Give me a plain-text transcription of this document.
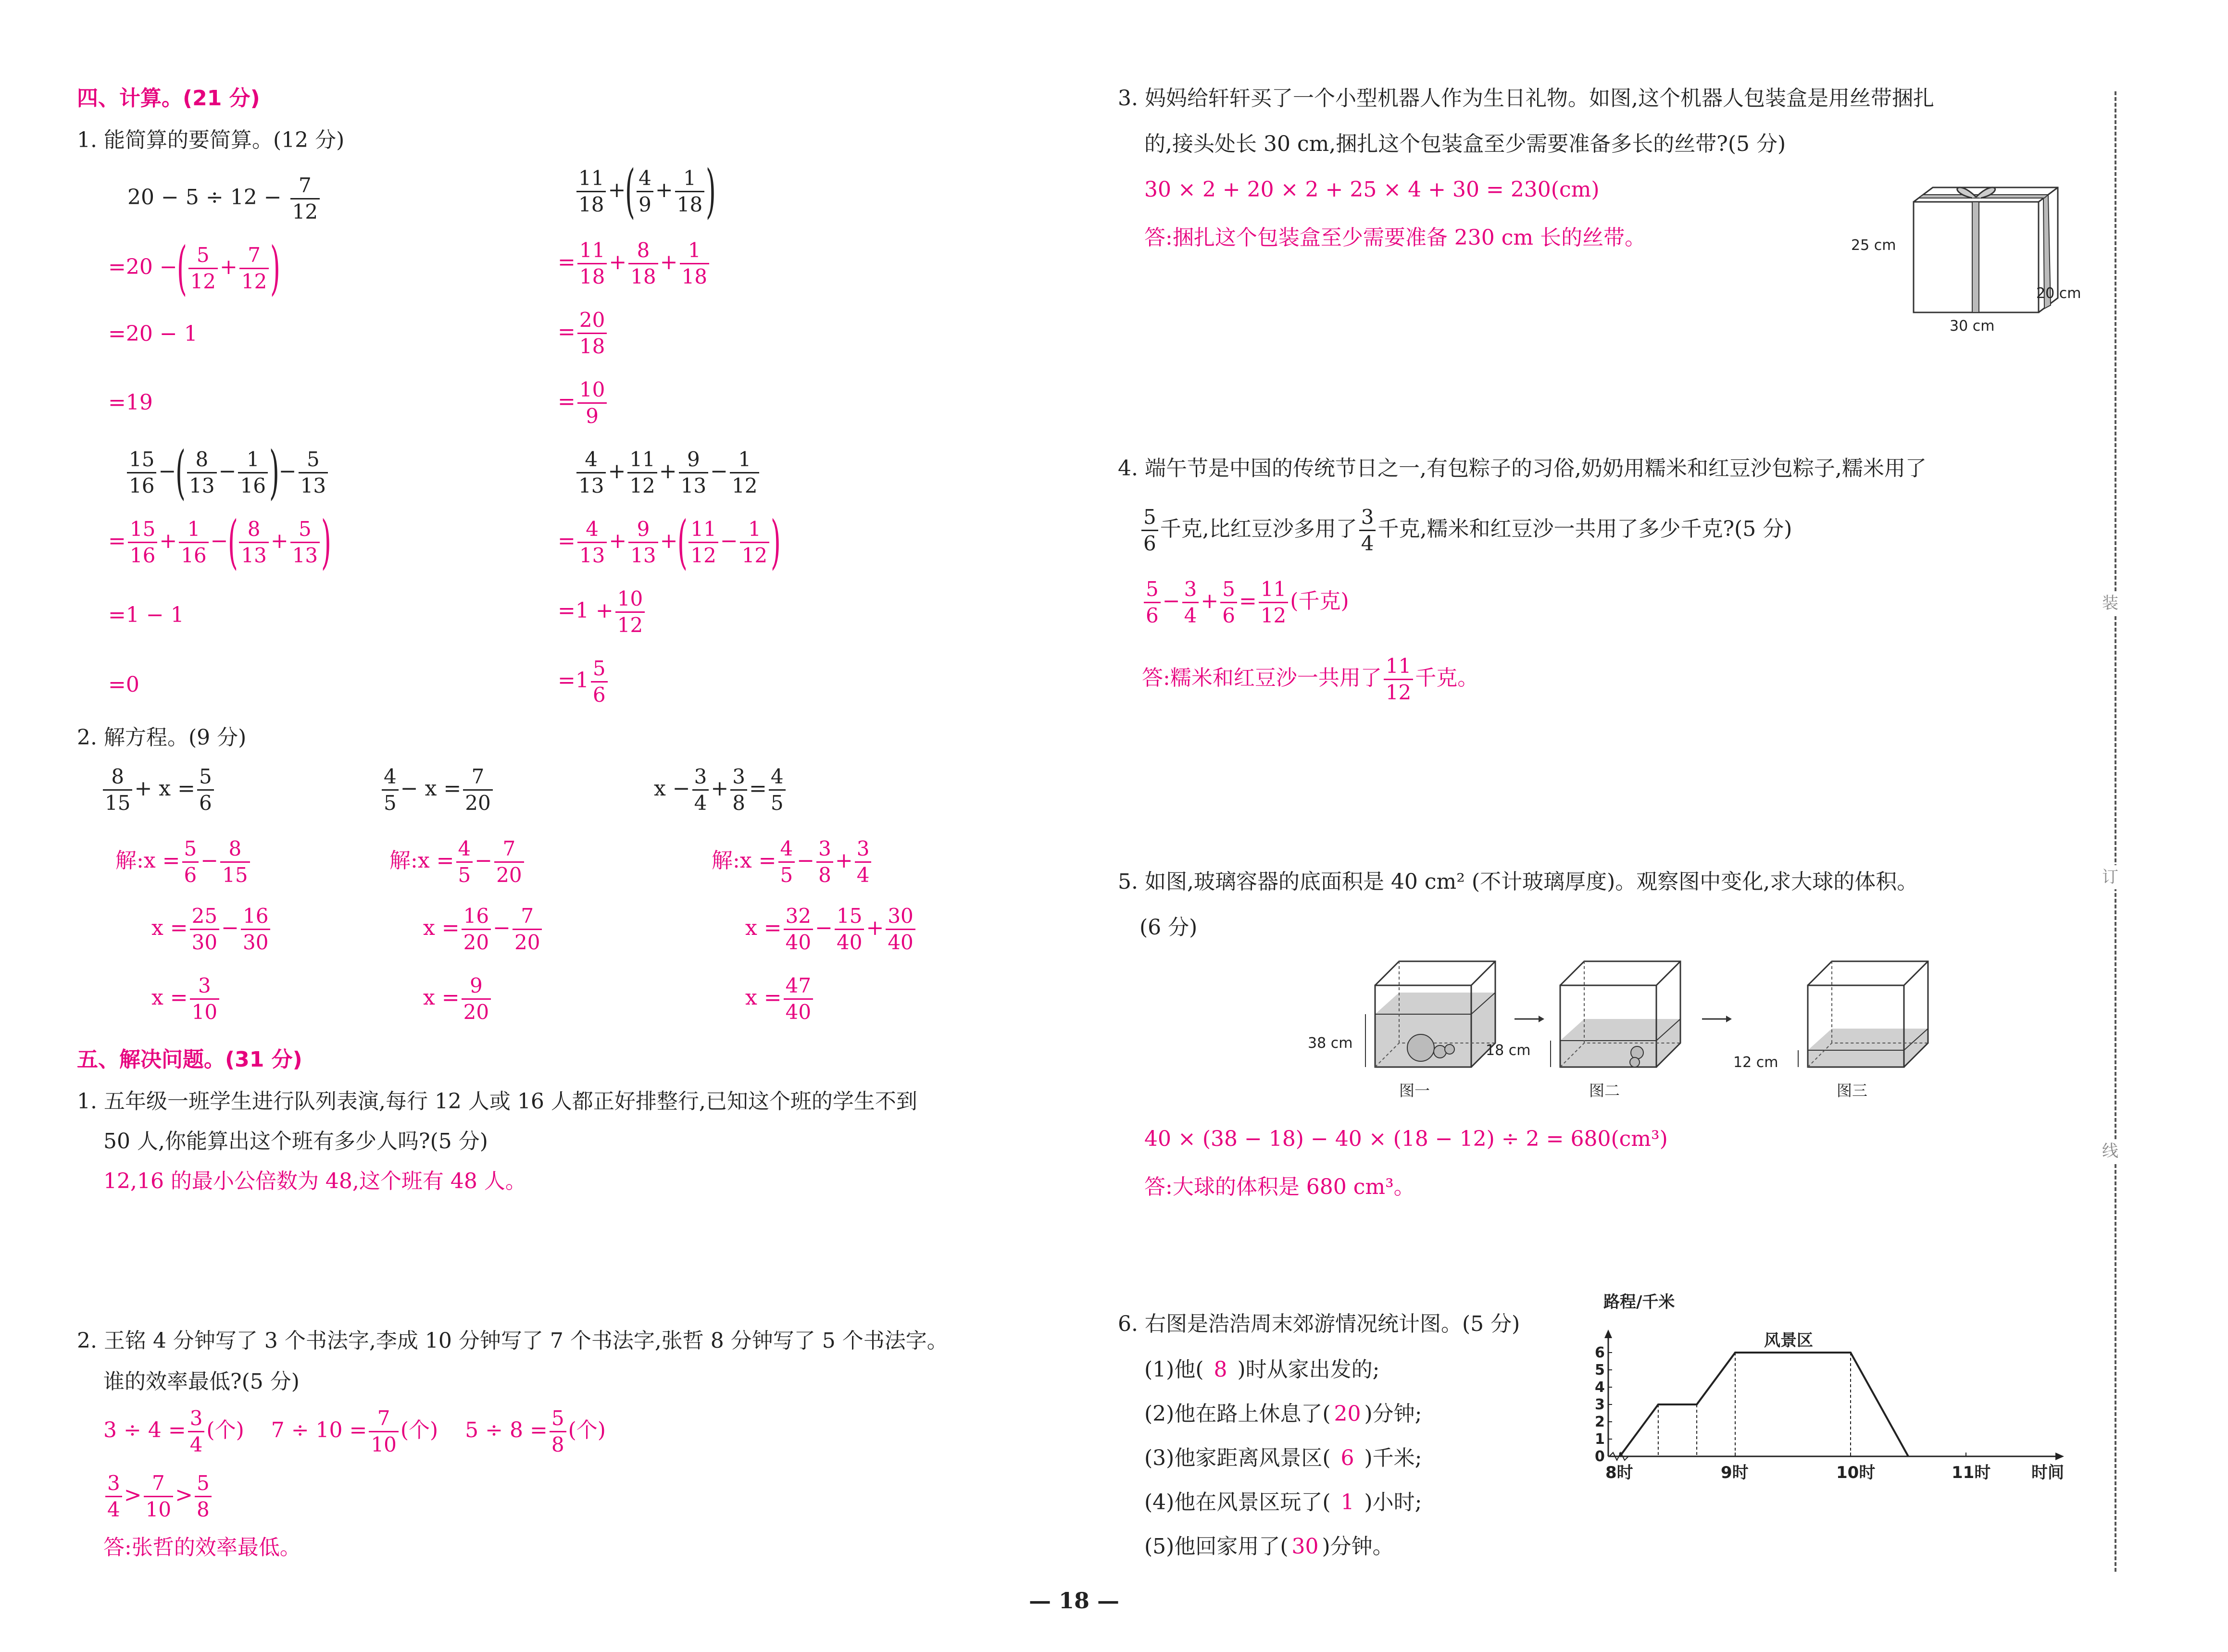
四、计算。(21 分)
1. 能简算的要简算。(12 分)
$20 - 5 \div 12 - \frac{7}{12}$
=20 −( $\frac{5}{12} + \frac{7}{12}$ )
=20 − 1
=19
$\frac{11}{18}$ +( $\frac{4}{9} + \frac{1}{18}$ )
= $\frac{11}{18} + \frac{8}{18} + \frac{1}{18}$
= $\frac{20}{18}$
= $\frac{10}{9}$
$\frac{15}{16}$ −( $\frac{8}{13} - \frac{1}{16}$ )− $\frac{5}{13}$
= $\frac{15}{16} + \frac{1}{16}$ −( $\frac{8}{13} + \frac{5}{13}$ )
=1 − 1
=0
$\frac{4}{13} + \frac{11}{12} + \frac{9}{13} - \frac{1}{12}$
= $\frac{4}{13} + \frac{9}{13}$ +( $\frac{11}{12} - \frac{1}{12}$ )
$=1 + \frac{10}{12}$
$=1 \frac{5}{6}$
2. 解方程。(9 分)
$\frac{8}{15} + x = \frac{5}{6}$
解:x = $\frac{5}{6} - \frac{8}{15}$
$x = \frac{25}{30} - \frac{16}{30}$
$x = \frac{3}{10}$
$\frac{4}{5} - x = \frac{7}{20}$
解:x = $\frac{4}{5} - \frac{7}{20}$
$x = \frac{16}{20} - \frac{7}{20}$
$x = \frac{9}{20}$
$x - \frac{3}{4} + \frac{3}{8} = \frac{4}{5}$
解:x = $\frac{4}{5} - \frac{3}{8} + \frac{3}{4}$
$x = \frac{32}{40} - \frac{15}{40} + \frac{30}{40}$
$x = \frac{47}{40}$
五、解决问题。(31 分)
1. 五年级一班学生进行队列表演,每行 12 人或 16 人都正好排整行,已知这个班的学生不到
50 人,你能算出这个班有多少人吗?(5 分)
12,16 的最小公倍数为 48,这个班有 48 人。
2. 王铭 4 分钟写了 3 个书法字,李成 10 分钟写了 7 个书法字,张哲 8 分钟写了 5 个书法字。
谁的效率最低?(5 分)
$3 \div 4 = \frac{3}{4}$ (个) $7 \div 10 = \frac{7}{10}$ (个) $5 \div 8 = \frac{5}{8}$ (个)
$\frac{3}{4} > \frac{7}{10} > \frac{5}{8}$
答:张哲的效率最低。
3. 妈妈给轩轩买了一个小型机器人作为生日礼物。如图,这个机器人包装盒是用丝带捆扎
的,接头处长 30 cm,捆扎这个包装盒至少需要准备多长的丝带?(5 分)
30 × 2 + 20 × 2 + 25 × 4 + 30 = 230(cm)
答:捆扎这个包装盒至少需要准备 230 cm 长的丝带。	25 cm
30 cm
20 cm
4. 端午节是中国的传统节日之一,有包粽子的习俗,奶奶用糯米和红豆沙包粽子,糯米用了
$\frac{5}{6}$ 千克,比红豆沙多用了 $\frac{3}{4}$ 千克,糯米和红豆沙一共用了多少千克?(5 分)
$\frac{5}{6} - \frac{3}{4} + \frac{5}{6} = \frac{11}{12}$ (千克)
答:糯米和红豆沙一共用了 $\frac{11}{12}$ 千克。
5. 如图,玻璃容器的底面积是 40 cm² (不计玻璃厚度)。观察图中变化,求大球的体积。
(6 分)
38 cm
图一
18 cm
图二
12 cm
图三
40 × (38 − 18) − 40 × (18 − 12) ÷ 2 = 680(cm³)
答:大球的体积是 680 cm³。
6. 右图是浩浩周末郊游情况统计图。(5 分)
(1)他( 8 )时从家出发的;
(2)他在路上休息了( 20 )分钟;
(3)他家距离风景区( 6 )千米;
(4)他在风景区玩了( 1 )小时;
(5)他回家用了( 30 )分钟。
路程/千米
时间
0
1
2
3
4
5
6
8时	9时	10时	11时
风景区
装
订
线
— 18 —
